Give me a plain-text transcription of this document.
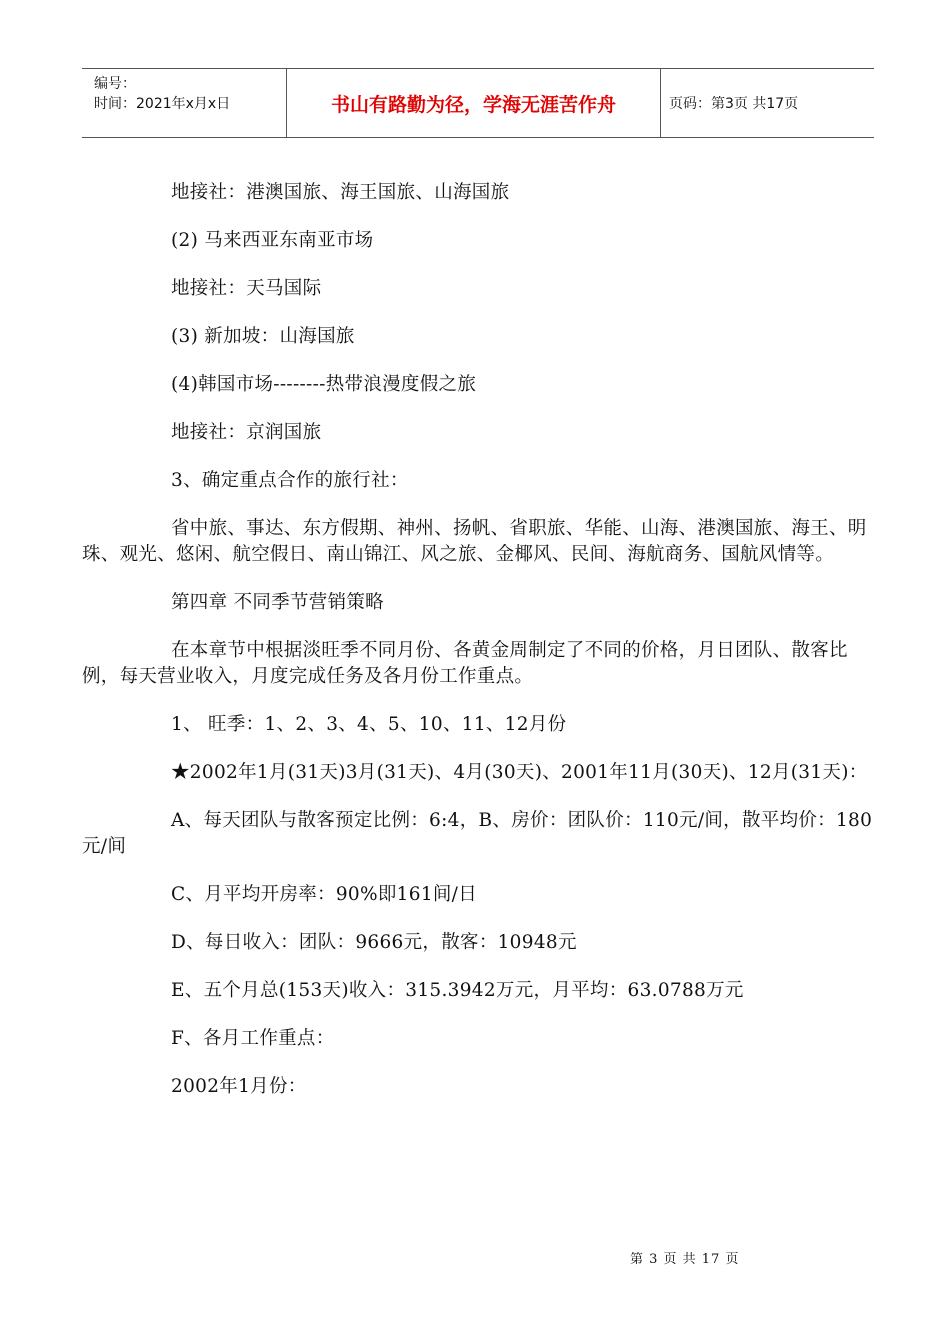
编号：
时间：2021年x月x日	书山有路勤为径，学海无涯苦作舟	页码：第3页 共17页

地接社：港澳国旅、海王国旅、山海国旅

(2) 马来西亚东南亚市场

地接社：天马国际

(3) 新加坡：山海国旅

(4)韩国市场--------热带浪漫度假之旅

地接社：京润国旅

3、确定重点合作的旅行社：

省中旅、事达、东方假期、神州、扬帆、省职旅、华能、山海、港澳国旅、海王、明珠、观光、悠闲、航空假日、南山锦江、风之旅、金椰风、民间、海航商务、国航风情等。

第四章 不同季节营销策略

在本章节中根据淡旺季不同月份、各黄金周制定了不同的价格，月日团队、散客比例，每天营业收入，月度完成任务及各月份工作重点。

1、 旺季：1、2、3、4、5、10、11、12月份

★2002年1月(31天)3月(31天)、4月(30天)、2001年11月(30天)、12月(31天)：

A、每天团队与散客预定比例：6:4，B、房价：团队价：110元/间，散平均价：180元/间

C、月平均开房率：90%即161间/日

D、每日收入：团队：9666元，散客：10948元

E、五个月总(153天)收入：315.3942万元，月平均：63.0788万元

F、各月工作重点：

2002年1月份：

第 3 页 共 17 页
